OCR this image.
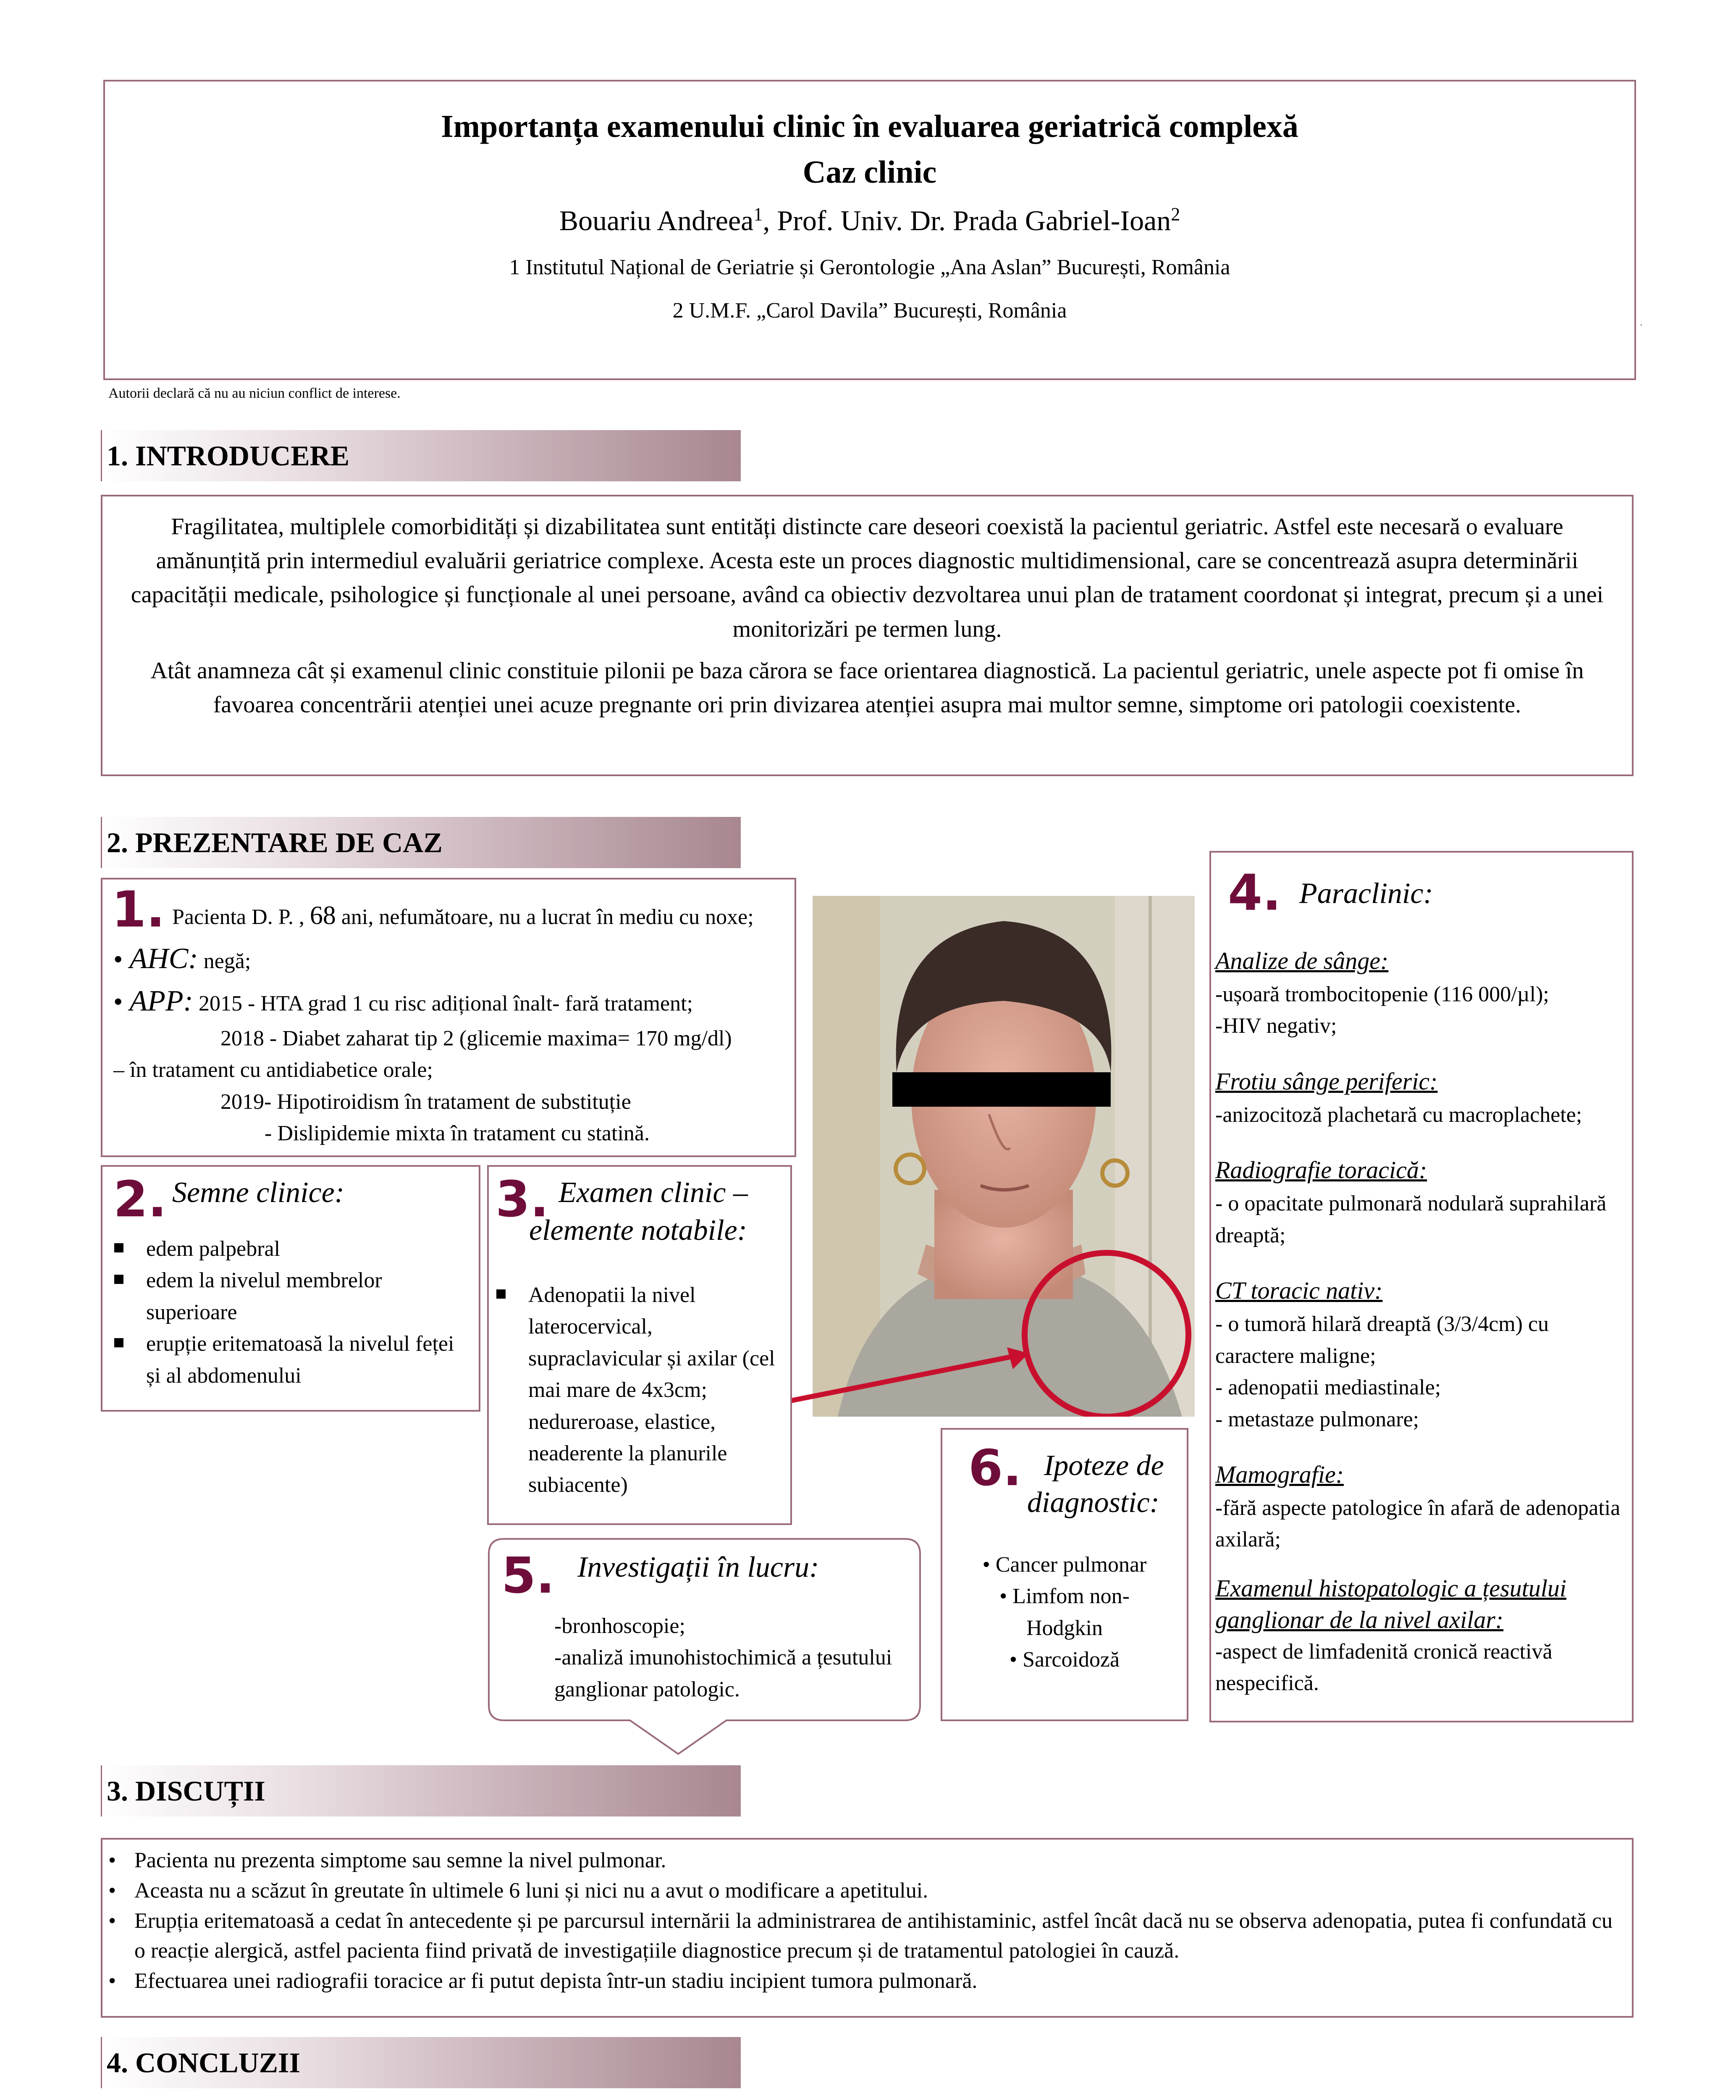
Importanța examenului clinic în evaluarea geriatrică complexă
Caz clinic
Bouariu Andreea$^1$, Prof. Univ. Dr. Prada Gabriel-Ioan$^2$
1 Institutul Național de Geriatrie și Gerontologie „Ana Aslan” București, România
2 U.M.F. „Carol Davila” București, România	.
Autorii declară că nu au niciun conflict de interese.
1. INTRODUCERE

Fragilitatea, multiplele comorbidități și dizabilitatea sunt entități distincte care deseori coexistă la pacientul geriatric. Astfel este necesară o evaluare amănunțită prin intermediul evaluării geriatrice complexe. Acesta este un proces diagnostic multidimensional, care se concentrează asupra determinării capacității medicale, psihologice și funcționale al unei persoane, având ca obiectiv dezvoltarea unui plan de tratament coordonat și integrat, precum și a unei monitorizări pe termen lung.

Atât anamneza cât și examenul clinic constituie pilonii pe baza cărora se face orientarea diagnostică. La pacientul geriatric, unele aspecte pot fi omise în favoarea concentrării atenției unei acuze pregnante ori prin divizarea atenției asupra mai multor semne, simptome ori patologii coexistente.

2. PREZENTARE DE CAZ
1. Pacienta D. P. , 68 ani, nefumătoare, nu a lucrat în mediu cu noxe;
• AHC: negă;
• APP: 2015 - HTA grad 1 cu risc adițional înalt- fară tratament;
2018 - Diabet zaharat tip 2 (glicemie maxima= 170 mg/dl)
– în tratament cu antidiabetice orale;
2019- Hipotiroidism în tratament de substituție
- Dislipidemie mixta în tratament cu statină.
2. Semne clinice:
edem palpebral
edem la nivelul membrelor superioare
erupție eritematoasă la nivelul feței și al abdomenului
3. Examen clinic –
elemente notabile:
Adenopatii la nivel laterocervical, supraclavicular și axilar (cel mai mare de 4x3cm; nedureroase, elastice, neaderente la planurile subiacente)
4. Paraclinic:
Analize de sânge:
-ușoară trombocitopenie (116 000/µl);
-HIV negativ;
Frotiu sânge periferic:
-anizocitoză plachetară cu macroplachete;
Radiografie toracică:
- o opacitate pulmonară nodulară suprahilară dreaptă;
CT toracic nativ:
- o tumoră hilară dreaptă (3/3/4cm) cu caractere maligne;
- adenopatii mediastinale;
- metastaze pulmonare;
Mamografie:
-fără aspecte patologice în afară de adenopatia axilară;
Examenul histopatologic a țesutului ganglionar de la nivel axilar:
-aspect de limfadenită cronică reactivă nespecifică.
5. Investigații în lucru:
-bronhoscopie;
-analiză imunohistochimică a țesutului ganglionar patologic.
6. Ipoteze de
diagnostic:
• Cancer pulmonar
• Limfom non-Hodgkin
• Sarcoidoză
3. DISCUȚII
• Pacienta nu prezenta simptome sau semne la nivel pulmonar.
• Aceasta nu a scăzut în greutate în ultimele 6 luni și nici nu a avut o modificare a apetitului.
• Erupția eritematoasă a cedat în antecedente și pe parcursul internării la administrarea de antihistaminic, astfel încât dacă nu se observa adenopatia, putea fi confundată cu o reacție alergică, astfel pacienta fiind privată de investigațiile diagnostice precum și de tratamentul patologiei în cauză.
• Efectuarea unei radiografii toracice ar fi putut depista într-un stadiu incipient tumora pulmonară.
4. CONCLUZII
